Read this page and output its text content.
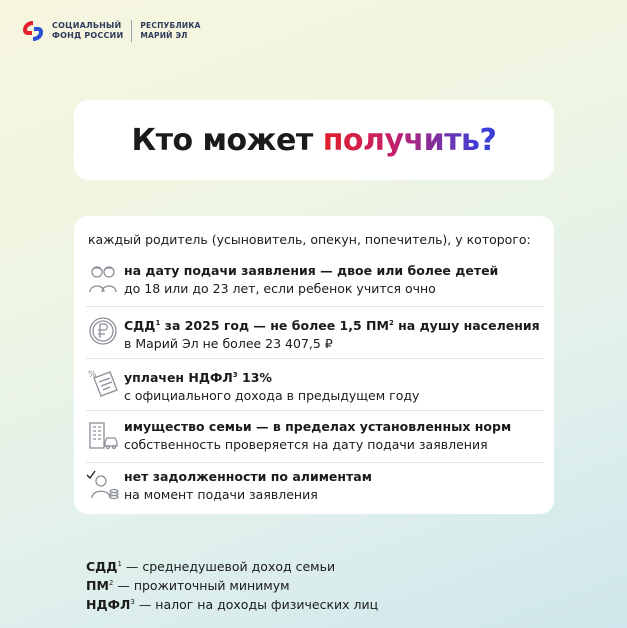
СОЦИАЛЬНЫЙ
ФОНД РОССИИ
РЕСПУБЛИКА
МАРИЙ ЭЛ
Кто может получить?
каждый родитель (усыновитель, опекун, попечитель), у которого:
на дату подачи заявления — двое или более детей
до 18 или до 23 лет, если ребенок учится очно
СДД$^1$ за 2025 год — не более 1,5 $ПМ^2$ на душу населения
в Марий Эл не более 23 407,5 ₽
% уплачен НДФЛ$^3$ 13%
с официального дохода в предыдущем году
имущество семьи — в пределах установленных норм
собственность проверяется на дату подачи заявления
нет задолженности по алиментам
на момент подачи заявления
СДД$^1$ — среднедушевой доход семьи
$ПМ^2$ — прожиточный минимум
НДФЛ$^3$ — налог на доходы физических лиц
